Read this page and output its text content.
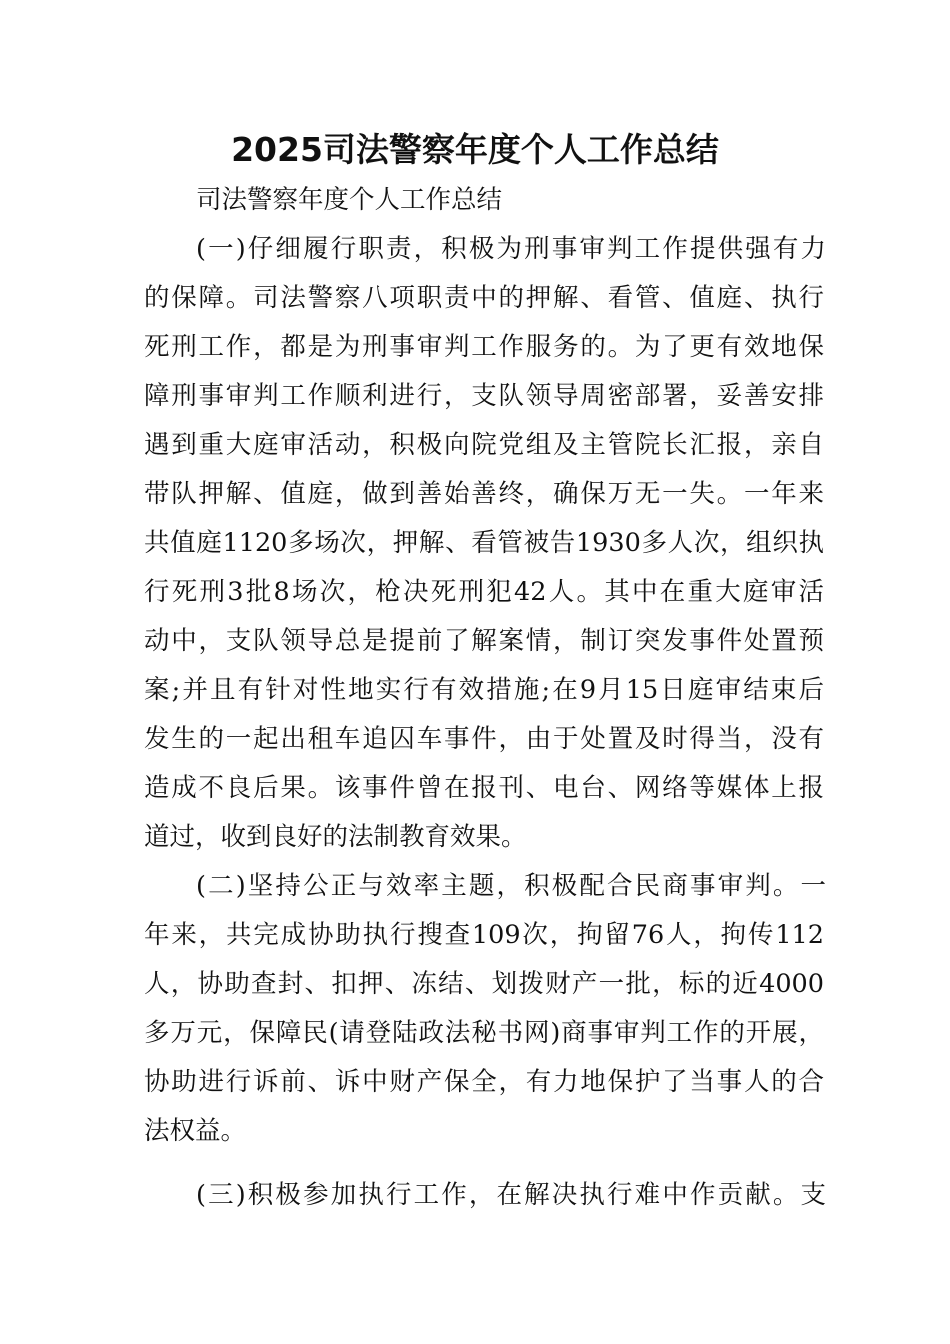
2025司法警察年度个人工作总结

司法警察年度个人工作总结

(一)仔细履行职责，积极为刑事审判工作提供强有力

的保障。司法警察八项职责中的押解、看管、值庭、执行

死刑工作，都是为刑事审判工作服务的。为了更有效地保

障刑事审判工作顺利进行，支队领导周密部署，妥善安排

遇到重大庭审活动，积极向院党组及主管院长汇报，亲自

带队押解、值庭，做到善始善终，确保万无一失。一年来

共值庭1120多场次，押解、看管被告1930多人次，组织执

行死刑3批8场次，枪决死刑犯42人。其中在重大庭审活

动中，支队领导总是提前了解案情，制订突发事件处置预

案;并且有针对性地实行有效措施;在9月15日庭审结束后

发生的一起出租车追囚车事件，由于处置及时得当，没有

造成不良后果。该事件曾在报刊、电台、网络等媒体上报

道过，收到良好的法制教育效果。

(二)坚持公正与效率主题，积极配合民商事审判。一

年来，共完成协助执行搜查109次，拘留76人，拘传112

人，协助查封、扣押、冻结、划拨财产一批，标的近4000

多万元，保障民(请登陆政法秘书网)商事审判工作的开展，

协助进行诉前、诉中财产保全，有力地保护了当事人的合

法权益。

(三)积极参加执行工作，在解决执行难中作贡献。支
